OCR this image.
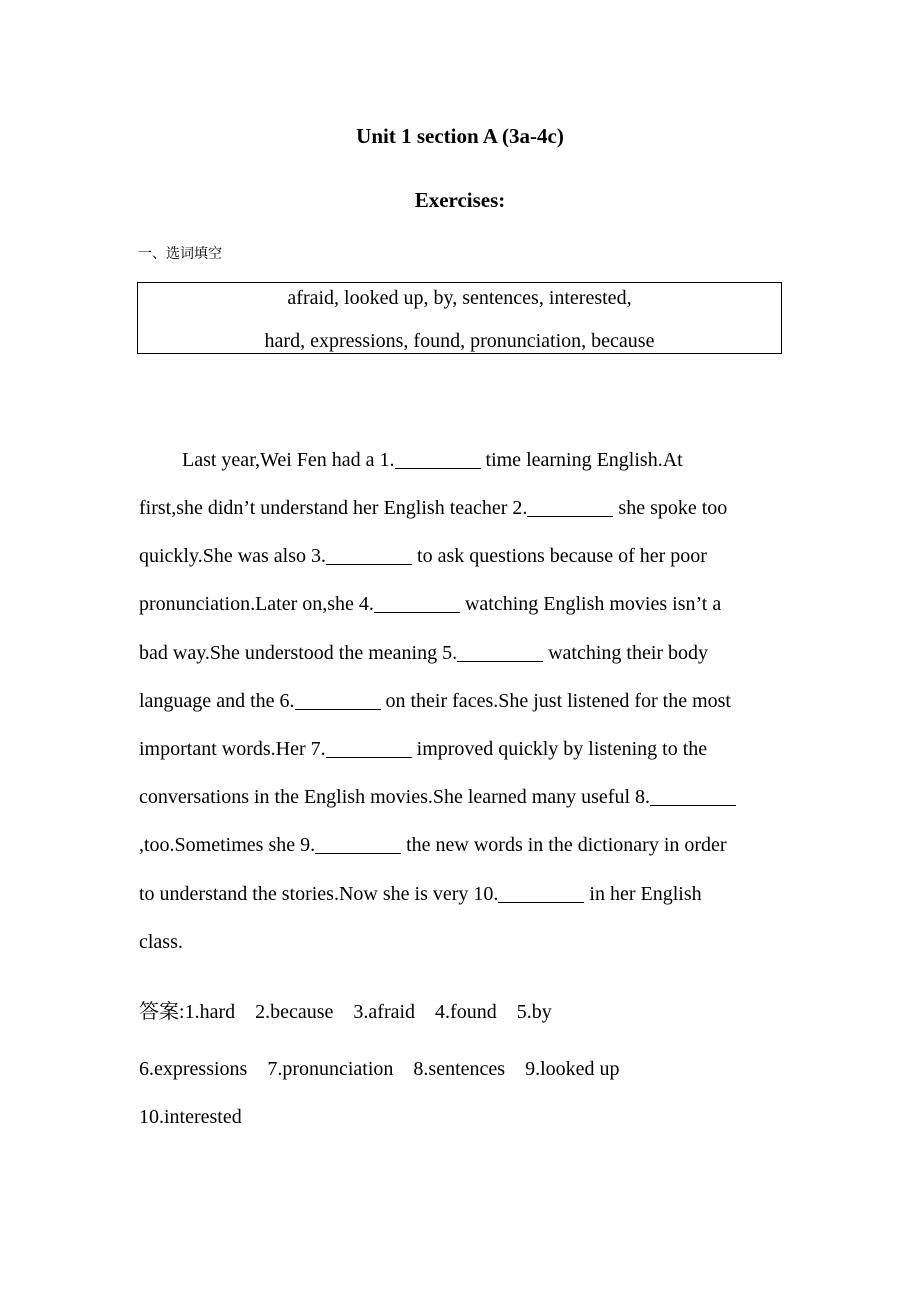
Unit 1 section A (3a-4c)
Exercises:
一、选词填空
afraid, looked up, by, sentences, interested,
hard, expressions, found, pronunciation, because
Last year,Wei Fen had a 1.	time learning English.At
first,she didn’t understand her English teacher 2.	she spoke too
quickly.She was also 3.	to ask questions because of her poor
pronunciation.Later on,she 4.	watching English movies isn’t a
bad way.She understood the meaning 5.	watching their body
language and the 6.	on their faces.She just listened for the most
important words.Her 7.	improved quickly by listening to the
conversations in the English movies.She learned many useful 8.
,too.Sometimes she 9.	the new words in the dictionary in order
to understand the stories.Now she is very 10.	in her English
class.
答案:1.hard 2.because 3.afraid 4.found 5.by
6.expressions 7.pronunciation 8.sentences 9.looked up
10.interested
